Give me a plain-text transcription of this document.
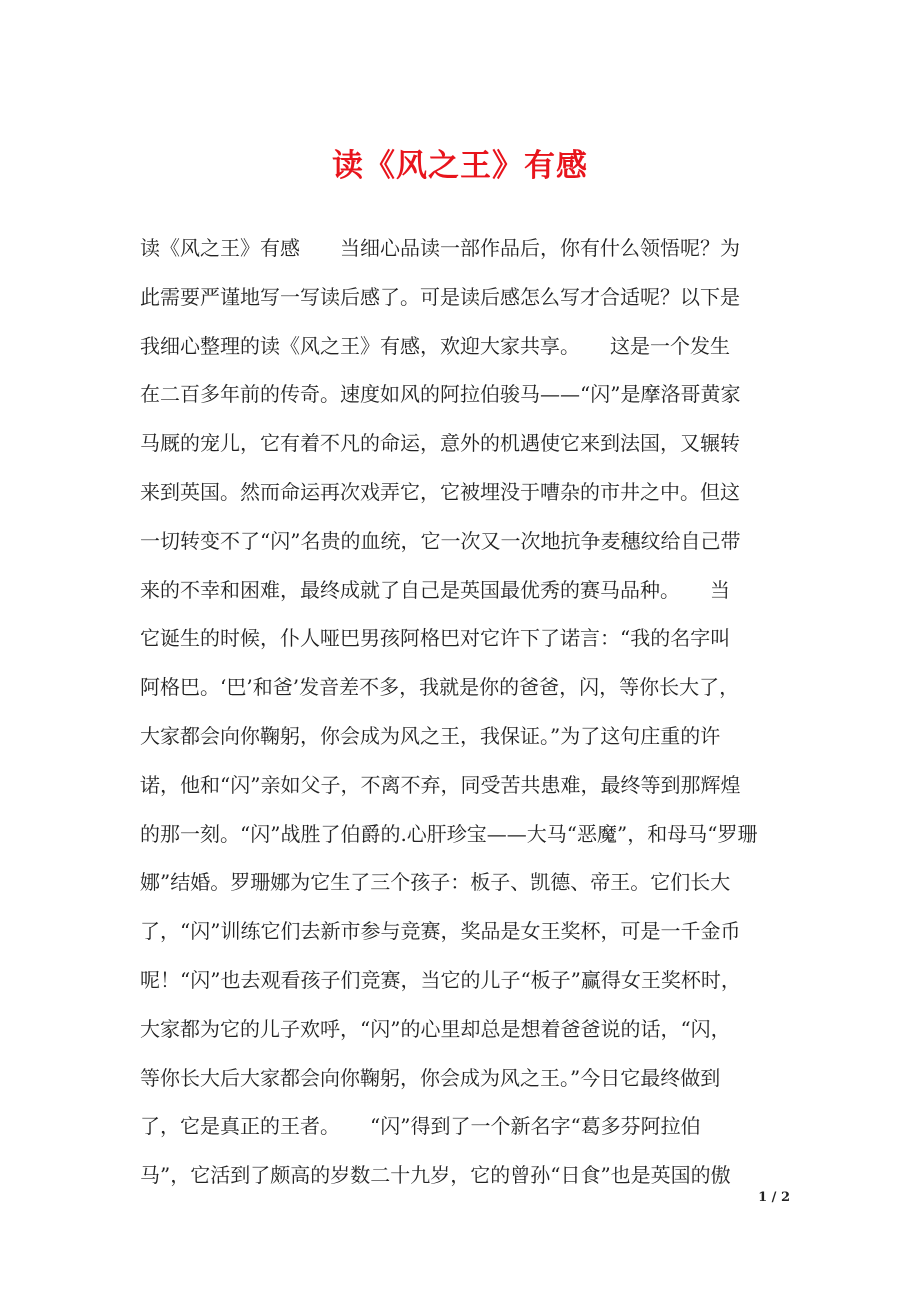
读《风之王》有感
读《风之王》有感　　当细心品读一部作品后，你有什么领悟呢？为
此需要严谨地写一写读后感了。可是读后感怎么写才合适呢？以下是
我细心整理的读《风之王》有感，欢迎大家共享。　　这是一个发生
在二百多年前的传奇。速度如风的阿拉伯骏马——“闪”是摩洛哥黄家
马厩的宠儿，它有着不凡的命运，意外的机遇使它来到法国，又辗转
来到英国。然而命运再次戏弄它，它被埋没于嘈杂的市井之中。但这
一切转变不了“闪”名贵的血统，它一次又一次地抗争麦穗纹给自己带
来的不幸和困难，最终成就了自己是英国最优秀的赛马品种。　　当
它诞生的时候，仆人哑巴男孩阿格巴对它许下了诺言：“我的名字叫
阿格巴。‘巴’和爸’发音差不多，我就是你的爸爸，闪，等你长大了，
大家都会向你鞠躬，你会成为风之王，我保证。”为了这句庄重的许
诺，他和“闪”亲如父子，不离不弃，同受苦共患难，最终等到那辉煌
的那一刻。“闪”战胜了伯爵的.心肝珍宝——大马“恶魔”，和母马“罗珊
娜”结婚。罗珊娜为它生了三个孩子：板子、凯德、帝王。它们长大
了，“闪”训练它们去新市参与竞赛，奖品是女王奖杯，可是一千金币
呢！“闪”也去观看孩子们竞赛，当它的儿子“板子”赢得女王奖杯时，
大家都为它的儿子欢呼，“闪”的心里却总是想着爸爸说的话，“闪，
等你长大后大家都会向你鞠躬，你会成为风之王。”今日它最终做到
了，它是真正的王者。　　“闪”得到了一个新名字“葛多芬阿拉伯
马”，它活到了颇高的岁数二十九岁，它的曾孙“日食”也是英国的傲
1 / 2
